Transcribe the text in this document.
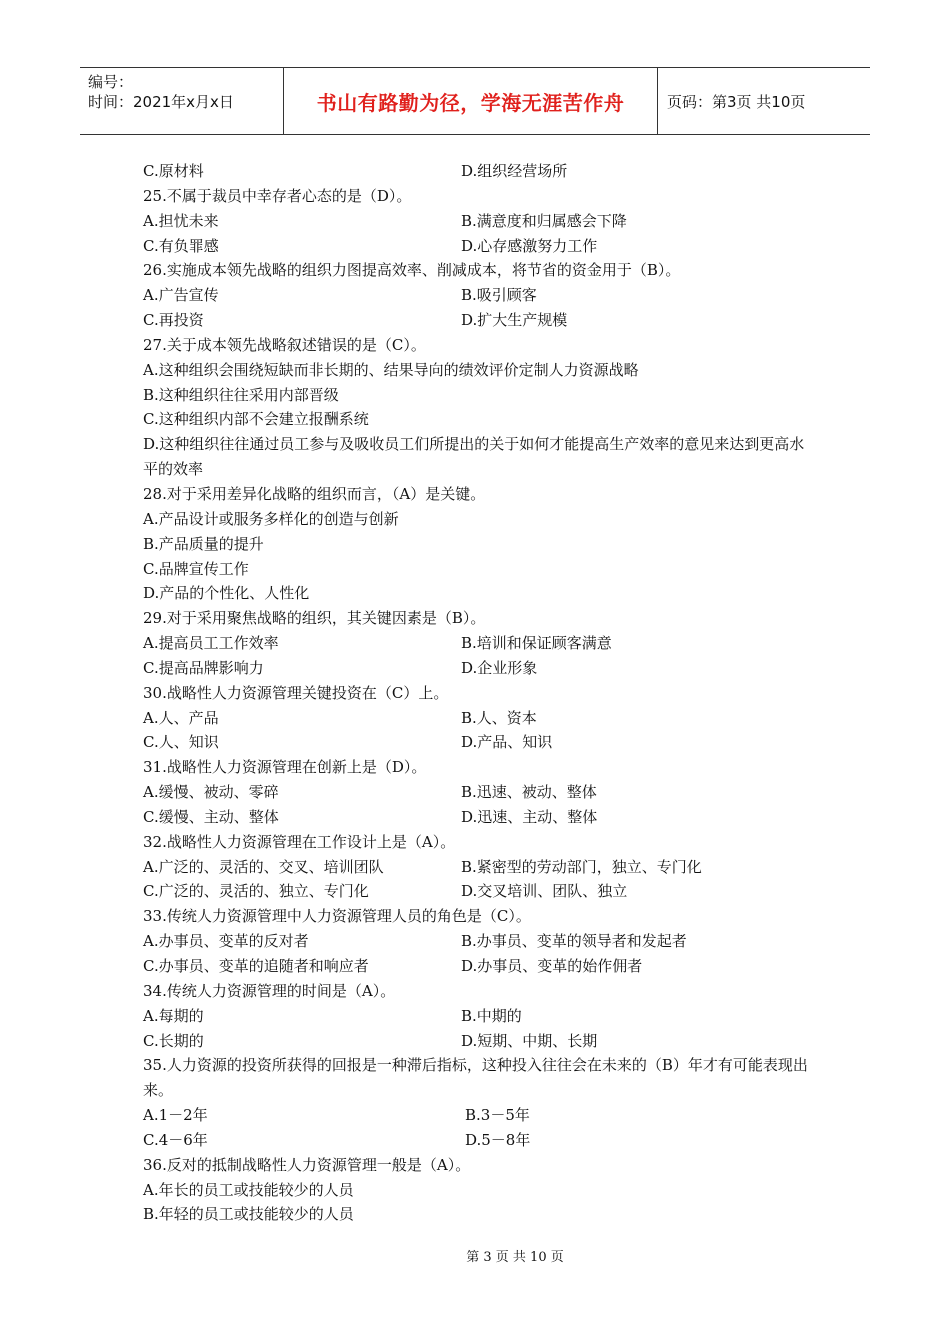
编号：
时间：2021年x月x日	书山有路勤为径，学海无涯苦作舟	页码：第3页 共10页
C.原材料	D.组织经营场所
25.不属于裁员中幸存者心态的是（D）。
A.担忧未来	B.满意度和归属感会下降
C.有负罪感	D.心存感激努力工作
26.实施成本领先战略的组织力图提高效率、削减成本，将节省的资金用于（B）。
A.广告宣传	B.吸引顾客
C.再投资	D.扩大生产规模
27.关于成本领先战略叙述错误的是（C）。
A.这种组织会围绕短缺而非长期的、结果导向的绩效评价定制人力资源战略
B.这种组织往往采用内部晋级
C.这种组织内部不会建立报酬系统
D.这种组织往往通过员工参与及吸收员工们所提出的关于如何才能提高生产效率的意见来达到更高水平的效率
28.对于采用差异化战略的组织而言，（A）是关键。
A.产品设计或服务多样化的创造与创新
B.产品质量的提升
C.品牌宣传工作
D.产品的个性化、人性化
29.对于采用聚焦战略的组织，其关键因素是（B）。
A.提高员工工作效率	B.培训和保证顾客满意
C.提高品牌影响力	D.企业形象
30.战略性人力资源管理关键投资在（C）上。
A.人、产品	B.人、资本
C.人、知识	D.产品、知识
31.战略性人力资源管理在创新上是（D）。
A.缓慢、被动、零碎	B.迅速、被动、整体
C.缓慢、主动、整体	D.迅速、主动、整体
32.战略性人力资源管理在工作设计上是（A）。
A.广泛的、灵活的、交叉、培训团队	B.紧密型的劳动部门，独立、专门化
C.广泛的、灵活的、独立、专门化	D.交叉培训、团队、独立
33.传统人力资源管理中人力资源管理人员的角色是（C）。
A.办事员、变革的反对者	B.办事员、变革的领导者和发起者
C.办事员、变革的追随者和响应者	D.办事员、变革的始作佣者
34.传统人力资源管理的时间是（A）。
A.每期的	B.中期的
C.长期的	D.短期、中期、长期
35.人力资源的投资所获得的回报是一种滞后指标，这种投入往往会在未来的（B）年才有可能表现出来。
A.1－2年	B.3－5年
C.4－6年	D.5－8年
36.反对的抵制战略性人力资源管理一般是（A）。
A.年长的员工或技能较少的人员
B.年轻的员工或技能较少的人员
第 3 页 共 10 页
